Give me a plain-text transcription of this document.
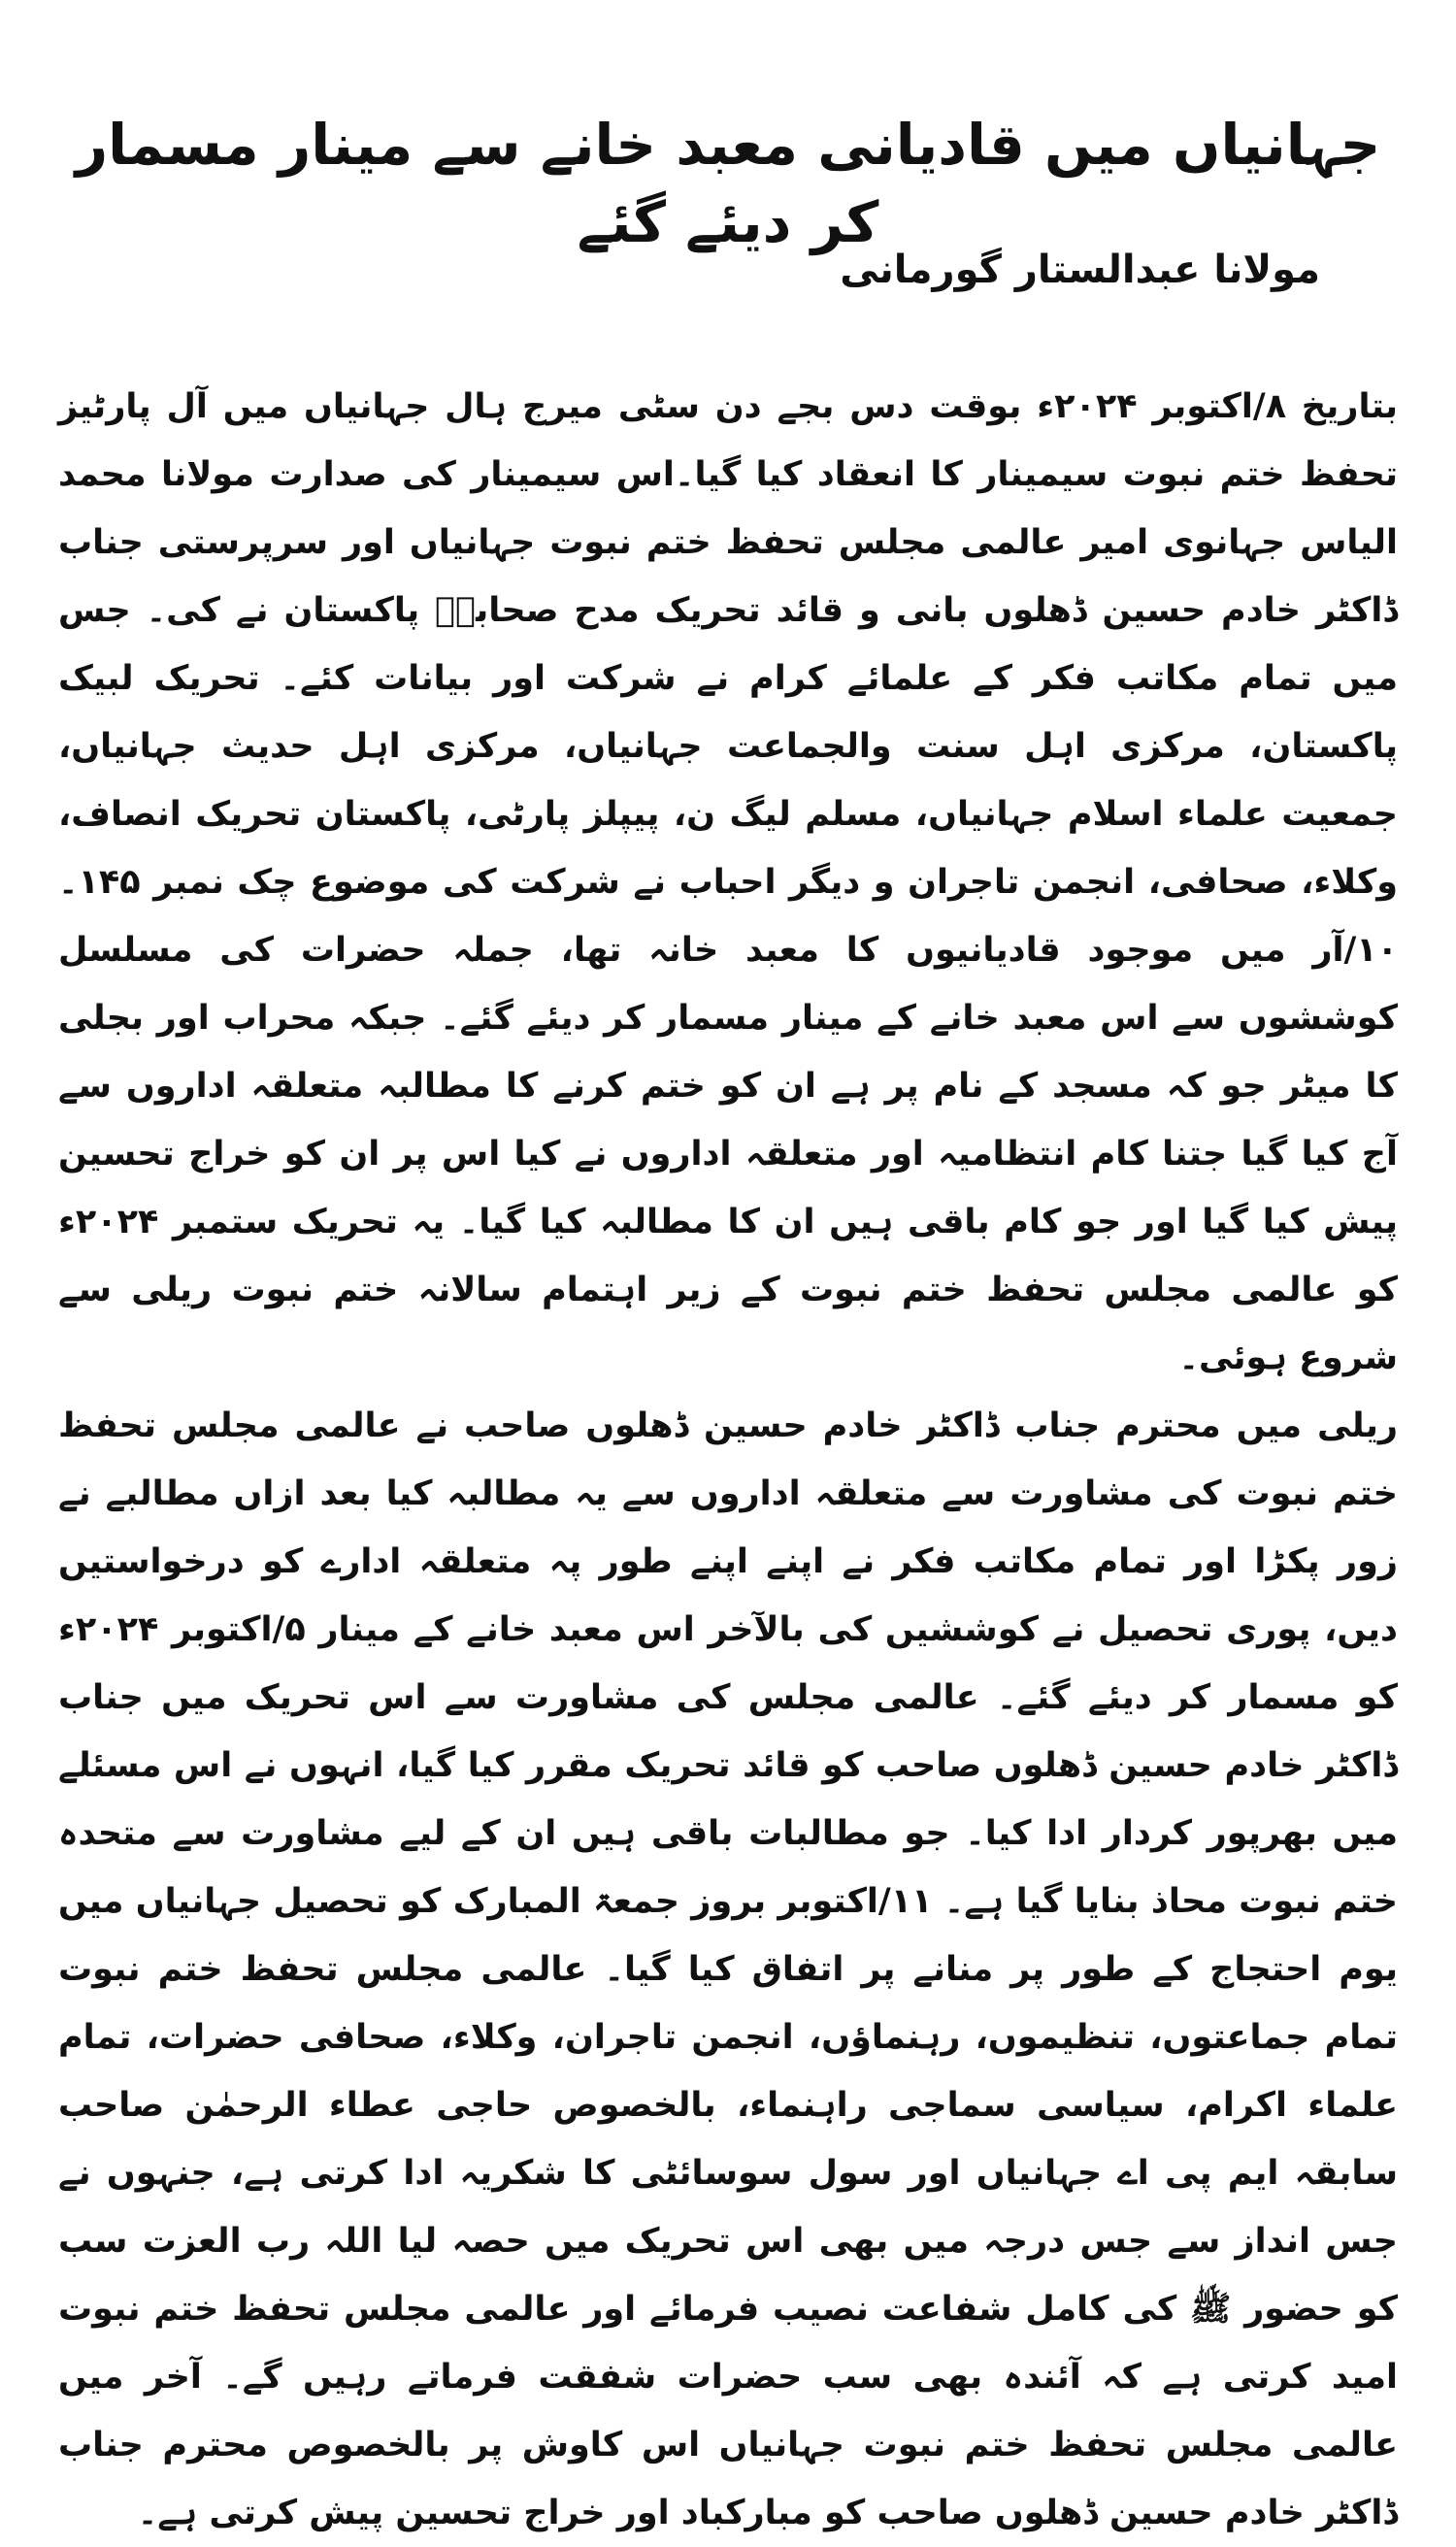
جہانیاں میں قادیانی معبد خانے سے مینار مسمار کر دیئے گئے
مولانا عبدالستار گورمانی

بتاریخ ۸/اکتوبر ۲۰۲۴ء بوقت دس بجے دن سٹی میرج ہال جہانیاں میں آل پارٹیز تحفظ ختم نبوت سیمینار کا انعقاد کیا گیا۔اس سیمینار کی صدارت مولانا محمد الیاس جہانوی امیر عالمی مجلس تحفظ ختم نبوت جہانیاں اور سرپرستی جناب ڈاکٹر خادم حسین ڈھلوں بانی و قائد تحریک مدح صحابہؓ پاکستان نے کی۔ جس میں تمام مکاتب فکر کے علمائے کرام نے شرکت اور بیانات کئے۔ تحریک لبیک پاکستان، مرکزی اہل سنت والجماعت جہانیاں، مرکزی اہل حدیث جہانیاں، جمعیت علماء اسلام جہانیاں، مسلم لیگ ن، پیپلز پارٹی، پاکستان تحریک انصاف، وکلاء، صحافی، انجمن تاجران و دیگر احباب نے شرکت کی موضوع چک نمبر ۱۴۵۔۱۰/آر میں موجود قادیانیوں کا معبد خانہ تھا، جملہ حضرات کی مسلسل کوششوں سے اس معبد خانے کے مینار مسمار کر دیئے گئے۔ جبکہ محراب اور بجلی کا میٹر جو کہ مسجد کے نام پر ہے ان کو ختم کرنے کا مطالبہ متعلقہ اداروں سے آج کیا گیا جتنا کام انتظامیہ اور متعلقہ اداروں نے کیا اس پر ان کو خراج تحسین پیش کیا گیا اور جو کام باقی ہیں ان کا مطالبہ کیا گیا۔ یہ تحریک ستمبر ۲۰۲۴ء کو عالمی مجلس تحفظ ختم نبوت کے زیر اہتمام سالانہ ختم نبوت ریلی سے شروع ہوئی۔

ریلی میں محترم جناب ڈاکٹر خادم حسین ڈھلوں صاحب نے عالمی مجلس تحفظ ختم نبوت کی مشاورت سے متعلقہ اداروں سے یہ مطالبہ کیا بعد ازاں مطالبے نے زور پکڑا اور تمام مکاتب فکر نے اپنے اپنے طور پہ متعلقہ ادارے کو درخواستیں دیں، پوری تحصیل نے کوششیں کی بالآخر اس معبد خانے کے مینار ۵/اکتوبر ۲۰۲۴ء کو مسمار کر دیئے گئے۔ عالمی مجلس کی مشاورت سے اس تحریک میں جناب ڈاکٹر خادم حسین ڈھلوں صاحب کو قائد تحریک مقرر کیا گیا، انہوں نے اس مسئلے میں بھرپور کردار ادا کیا۔ جو مطالبات باقی ہیں ان کے لیے مشاورت سے متحدہ ختم نبوت محاذ بنایا گیا ہے۔ ۱۱/اکتوبر بروز جمعۃ المبارک کو تحصیل جہانیاں میں یوم احتجاج کے طور پر منانے پر اتفاق کیا گیا۔ عالمی مجلس تحفظ ختم نبوت تمام جماعتوں، تنظیموں، رہنماؤں، انجمن تاجران، وکلاء، صحافی حضرات، تمام علماء اکرام، سیاسی سماجی راہنماء، بالخصوص حاجی عطاء الرحمٰن صاحب سابقہ ایم پی اے جہانیاں اور سول سوسائٹی کا شکریہ ادا کرتی ہے، جنہوں نے جس انداز سے جس درجہ میں بھی اس تحریک میں حصہ لیا اللہ رب العزت سب کو حضور ﷺ کی کامل شفاعت نصیب فرمائے اور عالمی مجلس تحفظ ختم نبوت امید کرتی ہے کہ آئندہ بھی سب حضرات شفقت فرماتے رہیں گے۔ آخر میں عالمی مجلس تحفظ ختم نبوت جہانیاں اس کاوش پر بالخصوص محترم جناب ڈاکٹر خادم حسین ڈھلوں صاحب کو مبارکباد اور خراج تحسین پیش کرتی ہے۔
